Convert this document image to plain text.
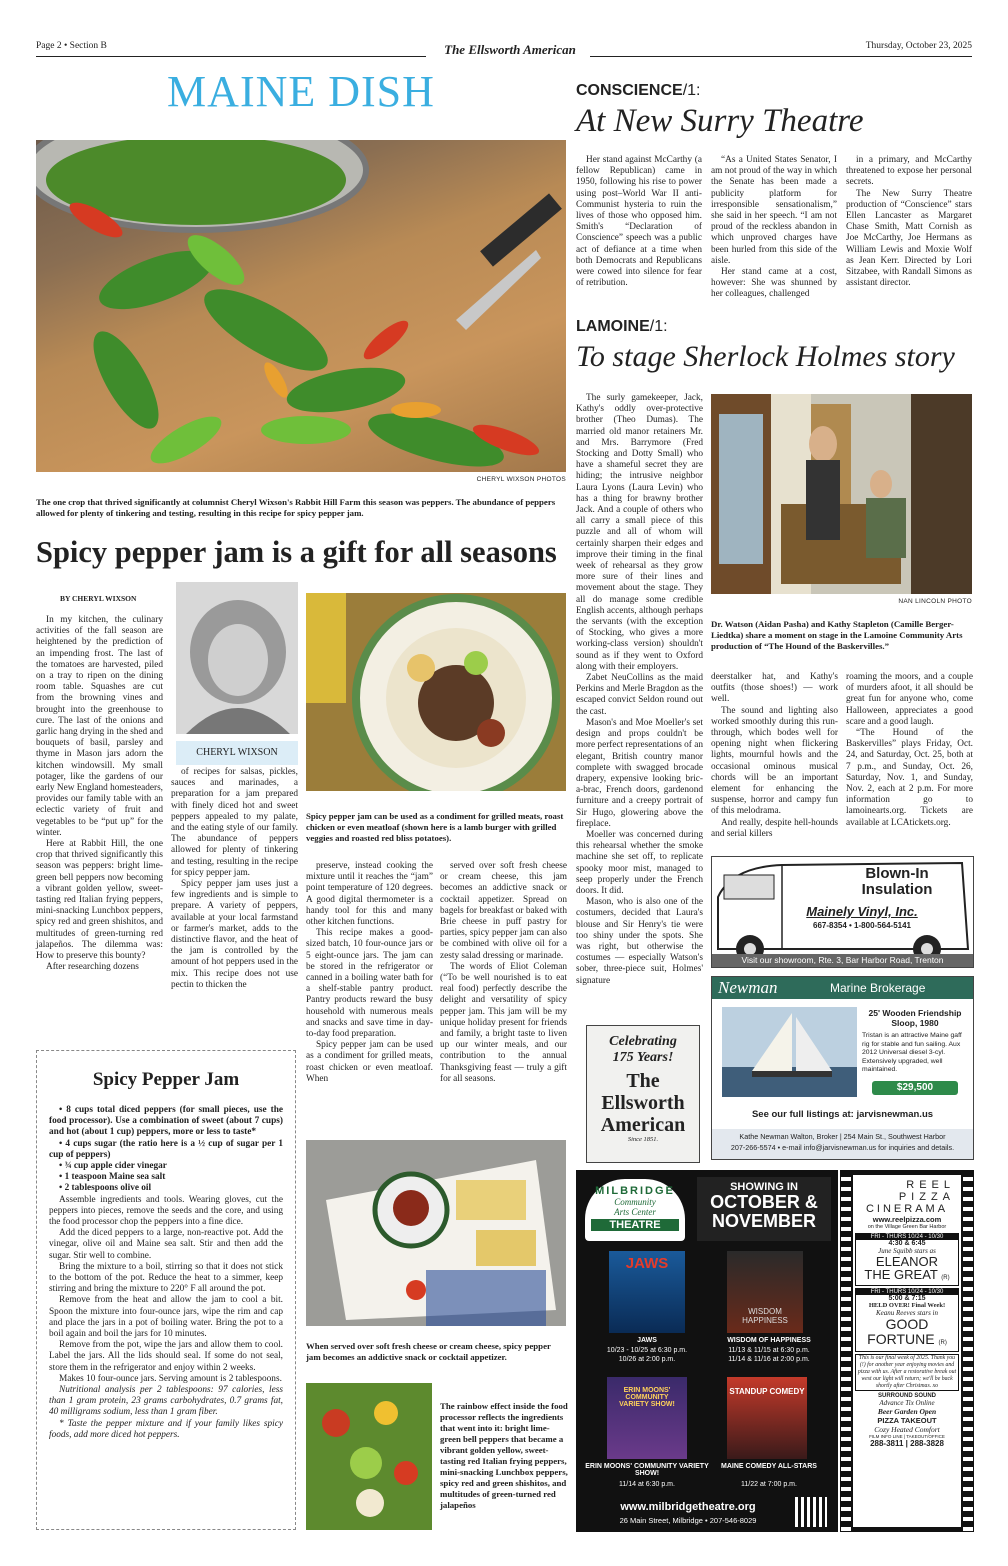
Page 2 • Section B	The Ellsworth American	Thursday, October 23, 2025
MAINE DISH
CHERYL WIXSON PHOTOS
The one crop that thrived significantly at columnist Cheryl Wixson's Rabbit Hill Farm this season was peppers. The abundance of peppers allowed for plenty of tinkering and testing, resulting in this recipe for spicy pepper jam.
Spicy pepper jam is a gift for all seasons
BY CHERYL WIXSON
CHERYL WIXSON

In my kitchen, the culinary activities of the fall season are heightened by the prediction of an impending frost. The last of the tomatoes are harvested, piled on a tray to ripen on the dining room table. Squashes are cut from the browning vines and brought into the greenhouse to cure. The last of the onions and garlic hang drying in the shed and bouquets of basil, parsley and thyme in Mason jars adorn the kitchen windowsill. My small potager, like the gardens of our early New England homesteaders, provides our family table with an eclectic variety of fruit and vegetables to be “put up” for the winter.

Here at Rabbit Hill, the one crop that thrived significantly this season was peppers: bright lime-green bell peppers now becoming a vibrant golden yellow, sweet-tasting red Italian frying peppers, mini-snacking Lunchbox peppers, spicy red and green shishitos, and multitudes of green-turning red jalapeños. The dilemma was: How to preserve this bounty?

After researching dozens

of recipes for salsas, pickles, sauces and marinades, a preparation for a jam prepared with finely diced hot and sweet peppers appealed to my palate, and the eating style of our family. The abundance of peppers allowed for plenty of tinkering and testing, resulting in the recipe for spicy pepper jam.

Spicy pepper jam uses just a few ingredients and is simple to prepare. A variety of peppers, available at your local farmstand or farmer's market, adds to the distinctive flavor, and the heat of the jam is controlled by the amount of hot peppers used in the mix. This recipe does not use pectin to thicken the

Spicy pepper jam can be used as a condiment for grilled meats, roast chicken or even meatloaf (shown here is a lamb burger with grilled veggies and roasted red bliss potatoes).

preserve, instead cooking the mixture until it reaches the “jam” point temperature of 120 degrees. A good digital thermometer is a handy tool for this and many other kitchen functions.

This recipe makes a good-sized batch, 10 four-ounce jars or 5 eight-ounce jars. The jam can be stored in the refrigerator or canned in a boiling water bath for a shelf-stable pantry product. Pantry products reward the busy household with numerous meals and snacks and save time in day-to-day food preparation.

Spicy pepper jam can be used as a condiment for grilled meats, roast chicken or even meatloaf. When

served over soft fresh cheese or cream cheese, this jam becomes an addictive snack or cocktail appetizer. Spread on bagels for breakfast or baked with Brie cheese in puff pastry for parties, spicy pepper jam can also be combined with olive oil for a zesty salad dressing or marinade.

The words of Eliot Coleman (“To be well nourished is to eat real food) perfectly describe the delight and versatility of spicy pepper jam. This jam will be my unique holiday present for friends and family, a bright taste to liven up our winter meals, and our contribution to the annual Thanksgiving feast — truly a gift for all seasons.

Spicy Pepper Jam

• 8 cups total diced peppers (for small pieces, use the food processor). Use a combination of sweet (about 7 cups) and hot (about 1 cup) peppers, more or less to taste*

• 4 cups sugar (the ratio here is a ½ cup of sugar per 1 cup of peppers)

• ¾ cup apple cider vinegar

• 1 teaspoon Maine sea salt

• 2 tablespoons olive oil

Assemble ingredients and tools. Wearing gloves, cut the peppers into pieces, remove the seeds and the core, and using the food processor chop the peppers into a fine dice.

Add the diced peppers to a large, non-reactive pot. Add the vinegar, olive oil and Maine sea salt. Stir and then add the sugar. Stir well to combine.

Bring the mixture to a boil, stirring so that it does not stick to the bottom of the pot. Reduce the heat to a simmer, keep stirring and bring the mixture to 220° F all around the pot.

Remove from the heat and allow the jam to cool a bit. Spoon the mixture into four-ounce jars, wipe the rim and cap and place the jars in a pot of boiling water. Bring the pot to a boil again and boil the jars for 10 minutes.

Remove from the pot, wipe the jars and allow them to cool. Label the jars. All the lids should seal. If some do not seal, store them in the refrigerator and enjoy within 2 weeks.

Makes 10 four-ounce jars. Serving amount is 2 tablespoons.

Nutritional analysis per 2 tablespoons: 97 calories, less than 1 gram protein, 23 grams carbohydrates, 0.7 grams fat, 40 milligrams sodium, less than 1 gram fiber.

* Taste the pepper mixture and if your family likes spicy foods, add more diced hot peppers.

When served over soft fresh cheese or cream cheese, spicy pepper jam becomes an addictive snack or cocktail appetizer.
The rainbow effect inside the food processor reflects the ingredients that went into it: bright lime-green bell peppers that became a vibrant golden yellow, sweet-tasting red Italian frying peppers, mini-snacking Lunchbox peppers, spicy red and green shishitos, and multitudes of green-turned red jalapeños
CONSCIENCE/1:
At New Surry Theatre

Her stand against McCarthy (a fellow Republican) came in 1950, following his rise to power using post–World War II anti-Communist hysteria to ruin the lives of those who opposed him. Smith's “Declaration of Conscience” speech was a public act of defiance at a time when both Democrats and Republicans were cowed into silence for fear of retribution.

“As a United States Senator, I am not proud of the way in which the Senate has been made a publicity platform for irresponsible sensationalism,” she said in her speech. “I am not proud of the reckless abandon in which unproved charges have been hurled from this side of the aisle.

Her stand came at a cost, however: She was shunned by her colleagues, challenged

in a primary, and McCarthy threatened to expose her personal secrets.

The New Surry Theatre production of “Conscience” stars Ellen Lancaster as Margaret Chase Smith, Matt Cornish as Joe McCarthy, Joe Hermans as William Lewis and Moxie Wolf as Jean Kerr. Directed by Lori Sitzabee, with Randall Simons as assistant director.

LAMOINE/1:
To stage Sherlock Holmes story

The surly gamekeeper, Jack, Kathy's oddly over-protective brother (Theo Dumas). The married old manor retainers Mr. and Mrs. Barrymore (Fred Stocking and Dotty Small) who have a shameful secret they are hiding; the intrusive neighbor Laura Lyons (Laura Levin) who has a thing for brawny brother Jack. And a couple of others who all carry a small piece of this puzzle and all of whom will certainly sharpen their edges and improve their timing in the final week of rehearsal as they grow more sure of their lines and movement about the stage. They all do manage some credible English accents, although perhaps the servants (with the exception of Stocking, who gives a more working-class version) shouldn't sound as if they went to Oxford along with their employers.

Zabet NeuCollins as the maid Perkins and Merle Bragdon as the escaped convict Seldon round out the cast.

Mason's and Moe Moeller's set design and props couldn't be more perfect representations of an elegant, British country manor complete with swagged brocade drapery, expensive looking bric-a-brac, French doors, gardenond furniture and a creepy portrait of Sir Hugo, glowering above the fireplace.

Moeller was concerned during this rehearsal whether the smoke machine she set off, to replicate spooky moor mist, managed to seep properly under the French doors. It did.

Mason, who is also one of the costumers, decided that Laura's blouse and Sir Henry's tie were too shiny under the spots. She was right, but otherwise the costumes — especially Watson's sober, three-piece suit, Holmes' signature

NAN LINCOLN PHOTO
Dr. Watson (Aidan Pasha) and Kathy Stapleton (Camille Berger-Liedtka) share a moment on stage in the Lamoine Community Arts production of “The Hound of the Baskervilles.”

deerstalker hat, and Kathy's outfits (those shoes!) — work well.

The sound and lighting also worked smoothly during this run-through, which bodes well for opening night when flickering lights, mournful howls and the occasional ominous musical chords will be an important element for enhancing the suspense, horror and campy fun of this melodrama.

And really, despite hell-hounds and serial killers

roaming the moors, and a couple of murders afoot, it all should be great fun for anyone who, come Halloween, appreciates a good scare and a good laugh.

“The Hound of the Baskervilles” plays Friday, Oct. 24, and Saturday, Oct. 25, both at 7 p.m., and Sunday, Oct. 26, Saturday, Nov. 1, and Sunday, Nov. 2, each at 2 p.m. For more information go to lamoinearts.org. Tickets are available at LCAtickets.org.

Blown-In
Insulation
Mainely Vinyl, Inc.
667-8354 • 1-800-564-5141
Visit our showroom, Rte. 3, Bar Harbor Road, Trenton
Newman	Marine Brokerage
25' Wooden Friendship Sloop, 1980
Tristan is an attractive Maine gaff rig for stable and fun sailing. Aux 2012 Universal diesel 3-cyl. Extensively upgraded, well maintained.
$29,500
See our full listings at: jarvisnewman.us
Kathe Newman Walton, Broker | 254 Main St., Southwest Harbor
207-266-5574 • e-mail info@jarvisnewman.us for inquiries and details.
Celebrating
175 Years!
The
Ellsworth
American
Since 1851.
MILBRIDGE
Community
Arts Center
THEATRE
SHOWING IN
OCTOBER &
NOVEMBER
JAWS
JAWS
10/23 - 10/25 at 6:30 p.m.
10/26 at 2:00 p.m.
WISDOM HAPPINESS
WISDOM OF HAPPINESS
11/13 & 11/15 at 6:30 p.m.
11/14 & 11/16 at 2:00 p.m.
ERIN MOONS' COMMUNITY VARIETY SHOW!
ERIN MOONS' COMMUNITY VARIETY SHOW!
11/14 at 6:30 p.m.
STANDUP COMEDY
MAINE COMEDY ALL-STARS
11/22 at 7:00 p.m.
www.milbridgetheatre.org
26 Main Street, Milbridge • 207-546-8029
REEL
PIZZA
CINERAMA
www.reelpizza.com
on the Village Green Bar Harbor
FRI - THURS 10/24 - 10/30
4:30 & 6:45
June Squibb stars as
ELEANOR
THE GREAT (R)
FRI - THURS 10/24 - 10/30
5:00 & 7:15
HELD OVER! Final Week!
Keanu Reeves stars in
GOOD
FORTUNE (R)
This is our final week of 2025. Thank you (!) for another year enjoying movies and pizza with us. After a restorative break out west our light will return; we'll be back shortly after Christmas. xo
SURROUND SOUND
Advance Tix Online
Beer Garden Open
PIZZA TAKEOUT
Cozy Heated Comfort
FILM INFO LINE | TAKEOUT/OFFICE
288-3811 | 288-3828
